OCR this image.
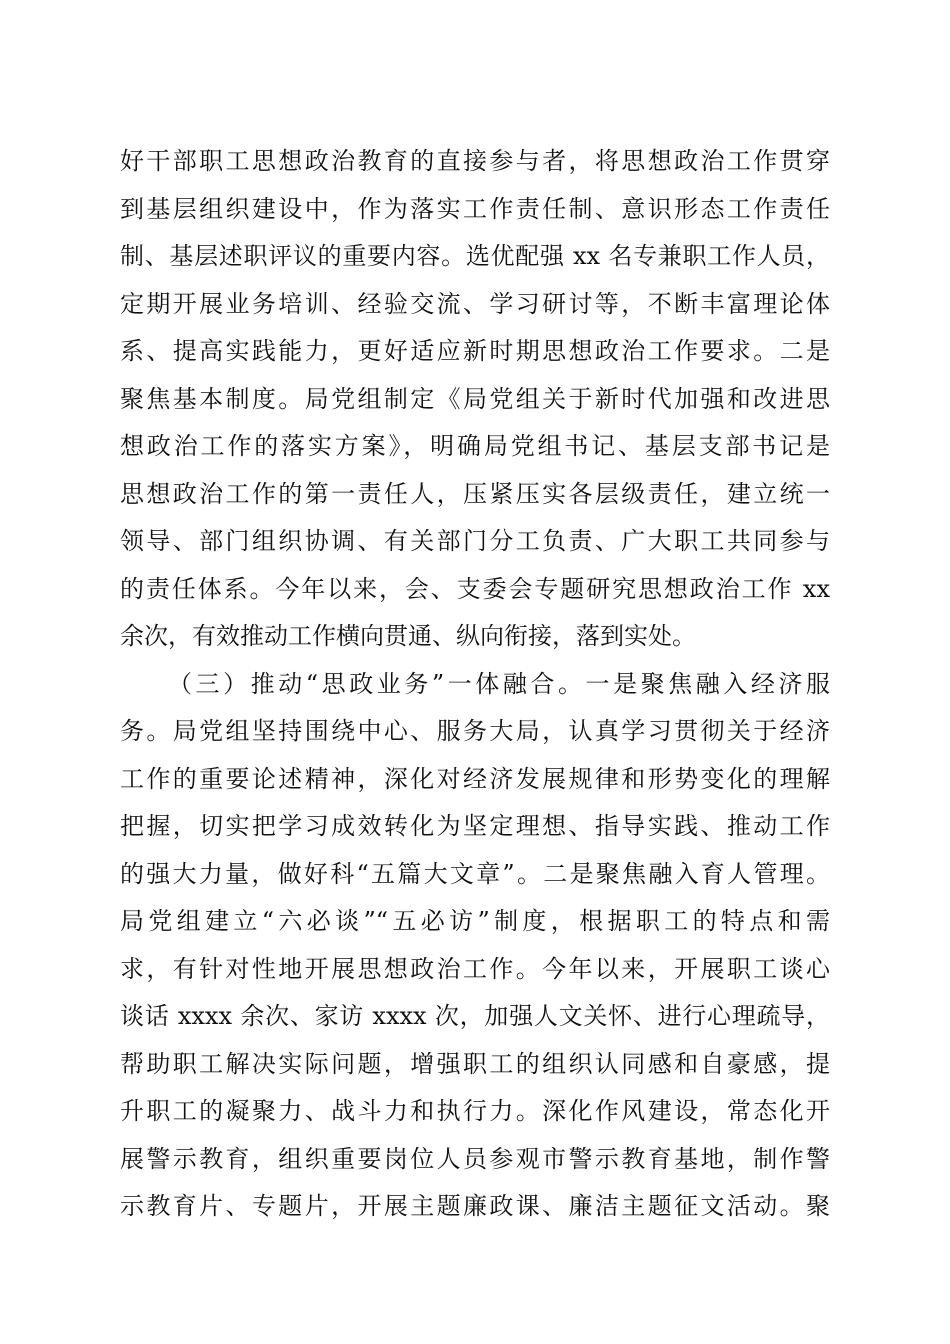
好干部职工思想政治教育的直接参与者，将思想政治工作贯穿
到基层组织建设中，作为落实工作责任制、意识形态工作责任
制、基层述职评议的重要内容。选优配强 xx 名专兼职工作人员，
定期开展业务培训、经验交流、学习研讨等，不断丰富理论体
系、提高实践能力，更好适应新时期思想政治工作要求。二是
聚焦基本制度。局党组制定《局党组关于新时代加强和改进思
想政治工作的落实方案》，明确局党组书记、基层支部书记是
思想政治工作的第一责任人，压紧压实各层级责任，建立统一
领导、部门组织协调、有关部门分工负责、广大职工共同参与
的责任体系。今年以来，会、支委会专题研究思想政治工作 xx
余次，有效推动工作横向贯通、纵向衔接，落到实处。
（三）推动“思政业务”一体融合。一是聚焦融入经济服
务。局党组坚持围绕中心、服务大局，认真学习贯彻关于经济
工作的重要论述精神，深化对经济发展规律和形势变化的理解
把握，切实把学习成效转化为坚定理想、指导实践、推动工作
的强大力量，做好科“五篇大文章”。二是聚焦融入育人管理。
局党组建立“六必谈”“五必访”制度，根据职工的特点和需
求，有针对性地开展思想政治工作。今年以来，开展职工谈心
谈话 xxxx 余次、家访 xxxx 次，加强人文关怀、进行心理疏导，
帮助职工解决实际问题，增强职工的组织认同感和自豪感，提
升职工的凝聚力、战斗力和执行力。深化作风建设，常态化开
展警示教育，组织重要岗位人员参观市警示教育基地，制作警
示教育片、专题片，开展主题廉政课、廉洁主题征文活动。聚
